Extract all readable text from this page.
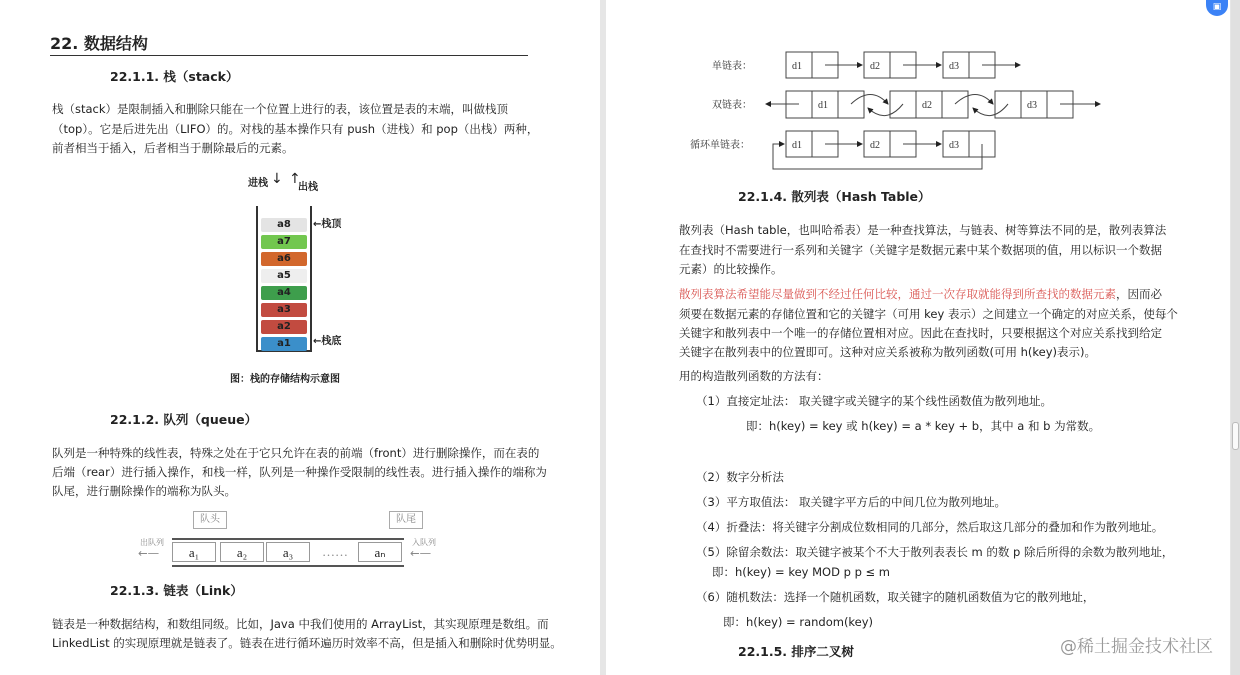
22. 数据结构
22.1.1. 栈（stack）
栈（stack）是限制插入和删除只能在一个位置上进行的表，该位置是表的末端，叫做栈顶
（top）。它是后进先出（LIFO）的。对栈的基本操作只有 push（进栈）和 pop（出栈）两种，
前者相当于插入，后者相当于删除最后的元素。
进栈 ↓ ↑
出栈
a8
a7
a6
a5
a4
a3
a2
a1
←栈顶
←栈底
图：栈的存储结构示意图
22.1.2. 队列（queue）
队列是一种特殊的线性表，特殊之处在于它只允许在表的前端（front）进行删除操作，而在表的
后端（rear）进行插入操作，和栈一样，队列是一种操作受限制的线性表。进行插入操作的端称为
队尾，进行删除操作的端称为队头。
队头	队尾
出队列	入队列
←—	←—
a₁	a₂	a₃	……	aₙ
22.1.3. 链表（Link）
链表是一种数据结构，和数组同级。比如，Java 中我们使用的 ArrayList，其实现原理是数组。而
LinkedList 的实现原理就是链表了。链表在进行循环遍历时效率不高，但是插入和删除时优势明显。
d1	d2	d3
d1	d2	d3
d1	d2	d3
单链表：
双链表：
循环单链表：
22.1.4. 散列表（Hash Table）
散列表（Hash table，也叫哈希表）是一种查找算法，与链表、树等算法不同的是，散列表算法
在查找时不需要进行一系列和关键字（关键字是数据元素中某个数据项的值，用以标识一个数据
元素）的比较操作。
散列表算法希望能尽量做到不经过任何比较，通过一次存取就能得到所查找的数据元素，因而必
须要在数据元素的存储位置和它的关键字（可用 key 表示）之间建立一个确定的对应关系，使每个
关键字和散列表中一个唯一的存储位置相对应。因此在查找时，只要根据这个对应关系找到给定
关键字在散列表中的位置即可。这种对应关系被称为散列函数(可用 h(key)表示)。
用的构造散列函数的方法有：
（1）直接定址法： 取关键字或关键字的某个线性函数值为散列地址。
即：h(key) = key 或 h(key) = a * key + b，其中 a 和 b 为常数。
（2）数字分析法
（3）平方取值法： 取关键字平方后的中间几位为散列地址。
（4）折叠法：将关键字分割成位数相同的几部分，然后取这几部分的叠加和作为散列地址。
（5）除留余数法：取关键字被某个不大于散列表表长 m 的数 p 除后所得的余数为散列地址，
即：h(key) = key MOD p p ≤ m
（6）随机数法：选择一个随机函数，取关键字的随机函数值为它的散列地址，
即：h(key) = random(key)
22.1.5. 排序二叉树	@稀土掘金技术社区
▣
